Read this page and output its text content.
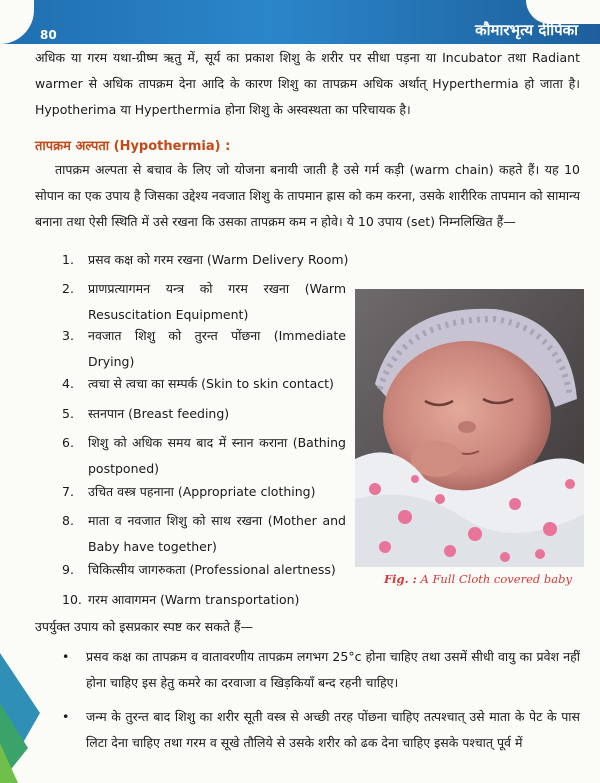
80	कौमारभृत्य दीपिका

अधिक या गरम यथा-ग्रीष्म ऋतु में, सूर्य का प्रकाश शिशु के शरीर पर सीधा पड़ना या Incubator तथा Radiant warmer से अधिक तापक्रम देना आदि के कारण शिशु का तापक्रम अधिक अर्थात् Hyperthermia हो जाता है। Hypotherima या Hyperthermia होना शिशु के अस्वस्थता का परिचायक है।

तापक्रम अल्पता (Hypothermia) :

तापक्रम अल्पता से बचाव के लिए जो योजना बनायी जाती है उसे गर्म कड़ी (warm chain) कहते हैं। यह 10 सोपान का एक उपाय है जिसका उद्देश्य नवजात शिशु के तापमान ह्रास को कम करना, उसके शारीरिक तापमान को सामान्य बनाना तथा ऐसी स्थिति में उसे रखना कि उसका तापक्रम कम न होवे। ये 10 उपाय (set) निम्नलिखित हैं—

1. प्रसव कक्ष को गरम रखना (Warm Delivery Room)
2. प्राणप्रत्यागमन यन्त्र को गरम रखना (Warm Resuscitation Equipment)
3. नवजात शिशु को तुरन्त पोंछना (Immediate Drying)
4. त्वचा से त्वचा का सम्पर्क (Skin to skin contact)
5. स्तनपान (Breast feeding)
6. शिशु को अधिक समय बाद में स्नान कराना (Bathing postponed)
7. उचित वस्त्र पहनाना (Appropriate clothing)
8. माता व नवजात शिशु को साथ रखना (Mother and Baby have together)
9. चिकित्सीय जागरुकता (Professional alertness)
10. गरम आवागमन (Warm transportation)
Fig. : A Full Cloth covered baby
उपर्युक्त उपाय को इसप्रकार स्पष्ट कर सकते हैं—
• प्रसव कक्ष का तापक्रम व वातावरणीय तापक्रम लगभग 25°c होना चाहिए तथा उसमें सीधी वायु का प्रवेश नहीं होना चाहिए इस हेतु कमरे का दरवाजा व खिड़कियाँ बन्द रहनी चाहिए।
• जन्म के तुरन्त बाद शिशु का शरीर सूती वस्त्र से अच्छी तरह पोंछना चाहिए तत्पश्चात् उसे माता के पेट के पास लिटा देना चाहिए तथा गरम व सूखे तौलिये से उसके शरीर को ढक देना चाहिए इसके पश्चात् पूर्व में
